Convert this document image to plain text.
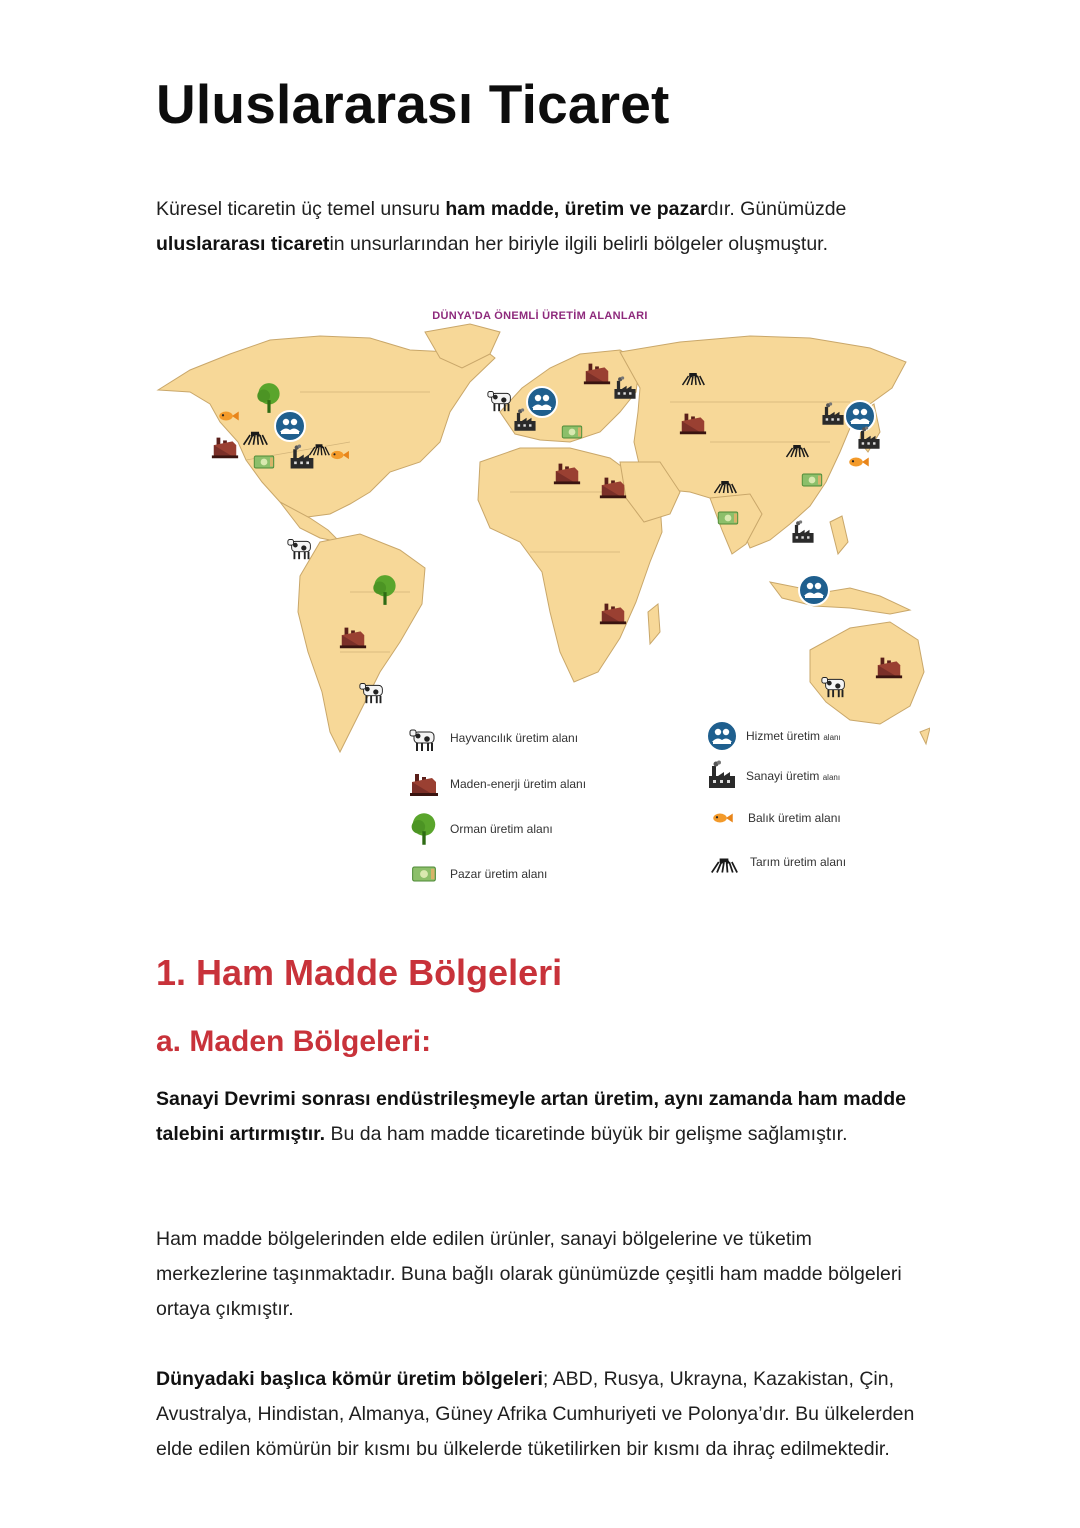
Uluslararası Ticaret

Küresel ticaretin üç temel unsuru ham madde, üretim ve pazardır. Günümüzde uluslararası ticaretin unsurlarından her biriyle ilgili belirli bölgeler oluşmuştur.

DÜNYA'DA ÖNEMLİ ÜRETİM ALANLARI
Hayvancılık üretim alanı
Maden-enerji üretim alanı
Orman üretim alanı
Pazar üretim alanı
Hizmet üretim alanı
Sanayi üretim alanı
Balık üretim alanı
Tarım üretim alanı
1. Ham Madde Bölgeleri
a. Maden Bölgeleri:

Sanayi Devrimi sonrası endüstrileşmeyle artan üretim, aynı zamanda ham madde talebini artırmıştır. Bu da ham madde ticaretinde büyük bir gelişme sağlamıştır.

Ham madde bölgelerinden elde edilen ürünler, sanayi bölgelerine ve tüketim merkezlerine taşınmaktadır. Buna bağlı olarak günümüzde çeşitli ham madde bölgeleri ortaya çıkmıştır.

Dünyadaki başlıca kömür üretim bölgeleri; ABD, Rusya, Ukrayna, Kazakistan, Çin, Avustralya, Hindistan, Almanya, Güney Afrika Cumhuriyeti ve Polonya’dır. Bu ülkelerden elde edilen kömürün bir kısmı bu ülkelerde tüketilirken bir kısmı da ihraç edilmektedir.
